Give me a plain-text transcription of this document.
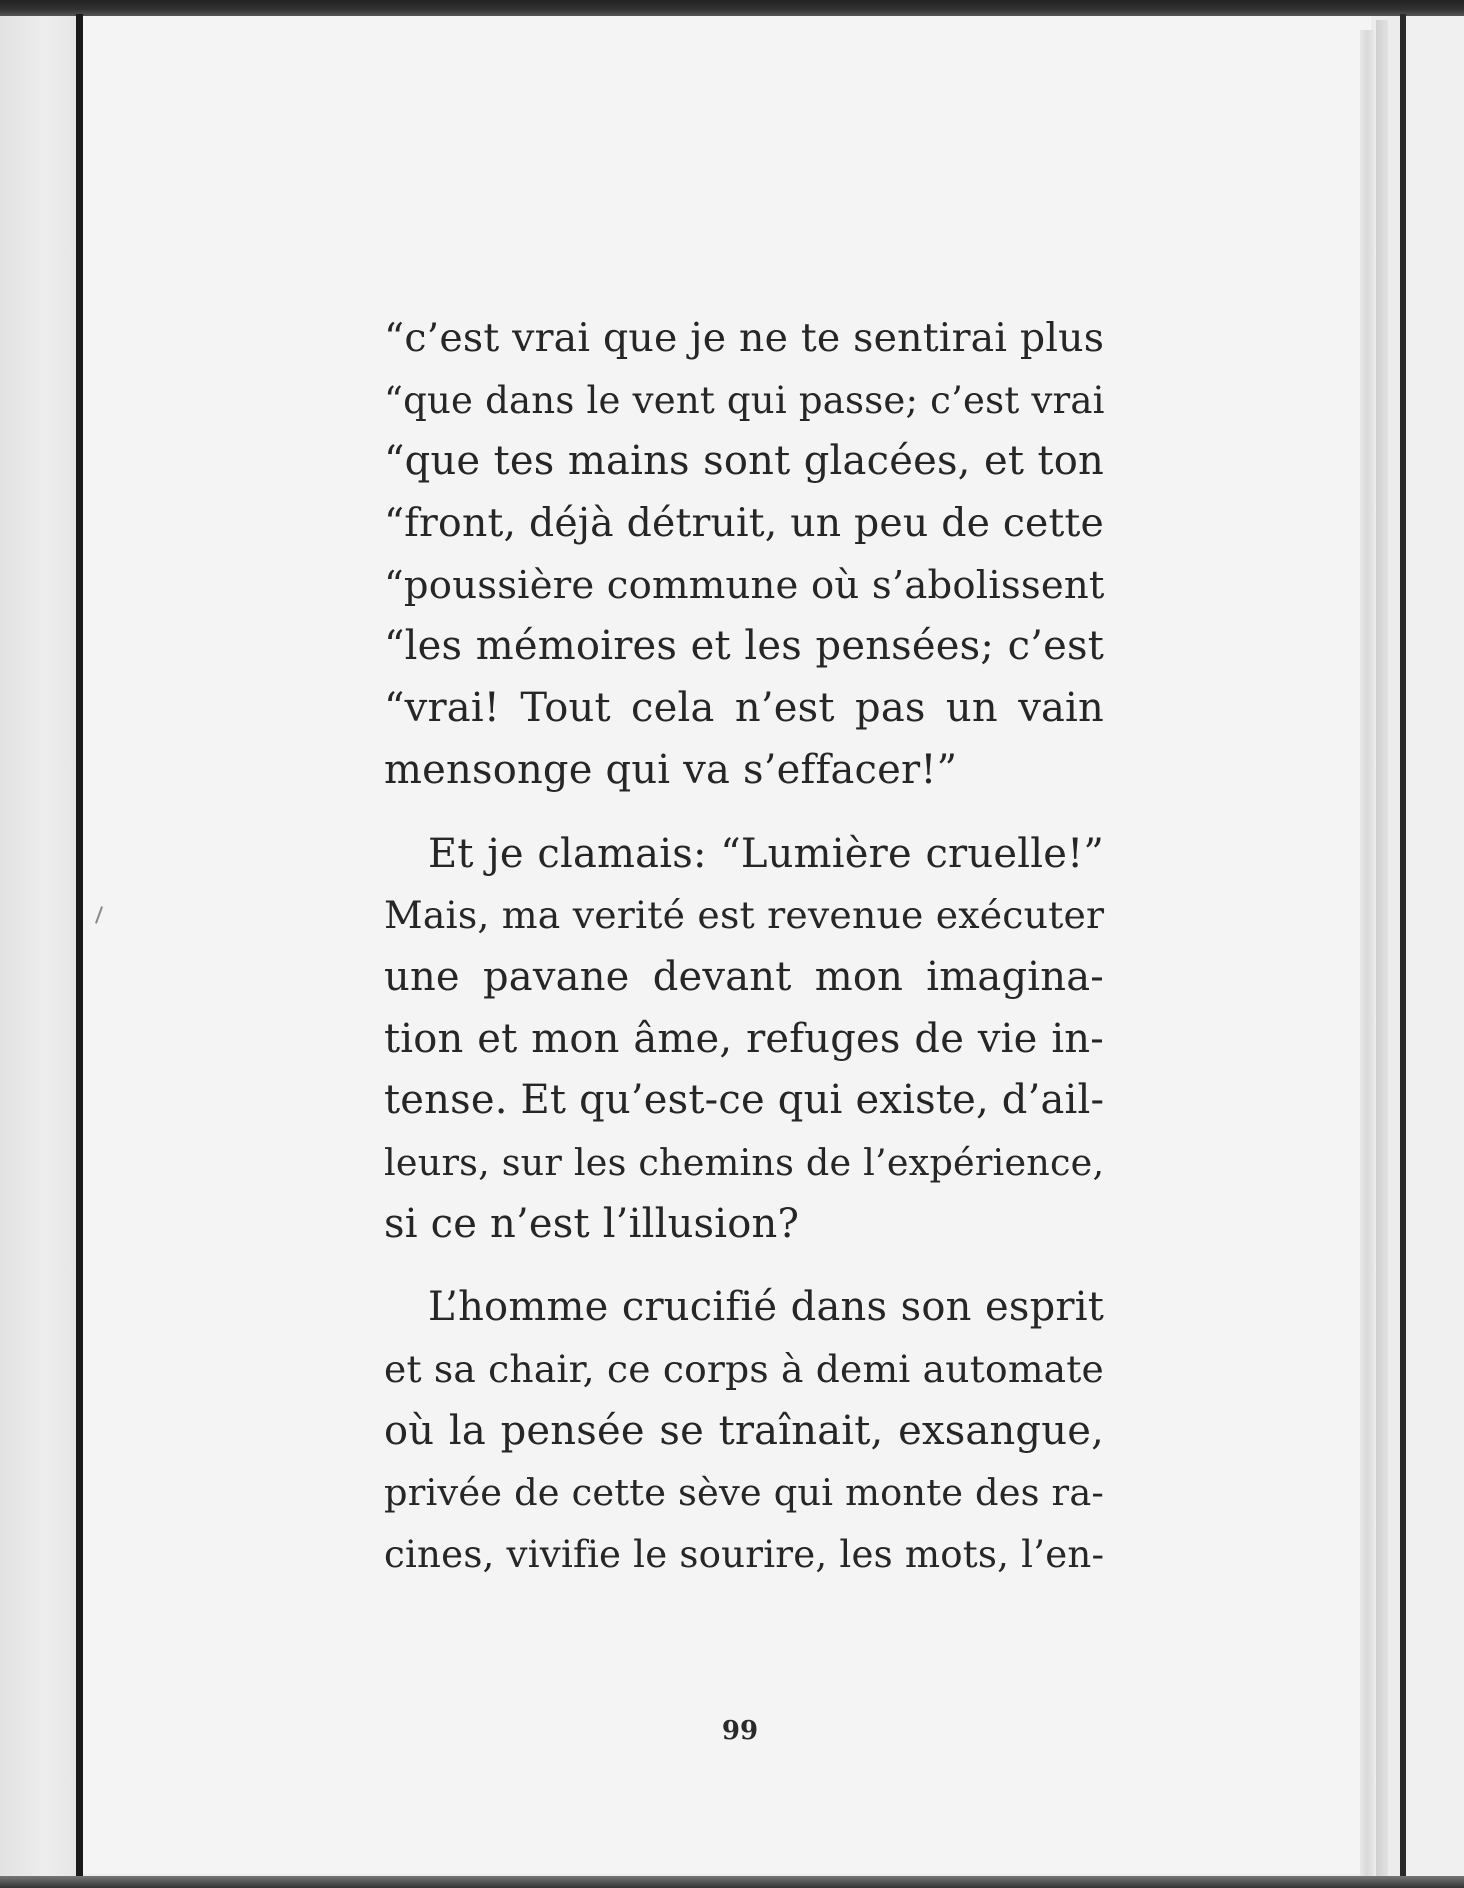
“c’est vrai que je ne te sentirai plus
“que dans le vent qui passe; c’est vrai
“que tes mains sont glacées, et ton
“front, déjà détruit, un peu de cette
“poussière commune où s’abolissent
“les mémoires et les pensées; c’est
“vrai! Tout cela n’est pas un vain
mensonge qui va s’effacer!”
Et je clamais: “Lumière cruelle!”
Mais, ma verité est revenue exécuter
une pavane devant mon imagina-
tion et mon âme, refuges de vie in-
tense. Et qu’est-ce qui existe, d’ail-
leurs, sur les chemins de l’expérience,
si ce n’est l’illusion?
L’homme crucifié dans son esprit
et sa chair, ce corps à demi automate
où la pensée se traînait, exsangue,
privée de cette sève qui monte des ra-
cines, vivifie le sourire, les mots, l’en-
99
